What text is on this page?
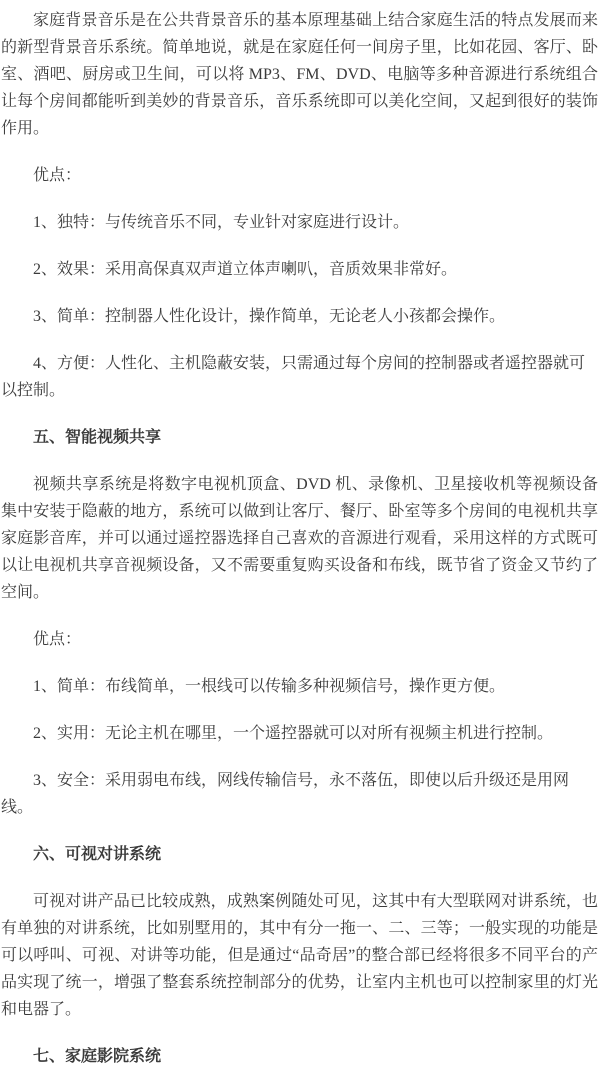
家庭背景音乐是在公共背景音乐的基本原理基础上结合家庭生活的特点发展而来的新型背景音乐系统。简单地说，就是在家庭任何一间房子里，比如花园、客厅、卧室、酒吧、厨房或卫生间，可以将 MP3、FM、DVD、电脑等多种音源进行系统组合让每个房间都能听到美妙的背景音乐，音乐系统即可以美化空间，又起到很好的装饰作用。

优点：

1、独特：与传统音乐不同，专业针对家庭进行设计。

2、效果：采用高保真双声道立体声喇叭，音质效果非常好。

3、简单：控制器人性化设计，操作简单，无论老人小孩都会操作。

4、方便：人性化、主机隐蔽安装，只需通过每个房间的控制器或者遥控器就可以控制。

五、智能视频共享

视频共享系统是将数字电视机顶盒、DVD 机、录像机、卫星接收机等视频设备集中安装于隐蔽的地方，系统可以做到让客厅、餐厅、卧室等多个房间的电视机共享家庭影音库，并可以通过遥控器选择自己喜欢的音源进行观看，采用这样的方式既可以让电视机共享音视频设备，又不需要重复购买设备和布线，既节省了资金又节约了空间。

优点：

1、简单：布线简单，一根线可以传输多种视频信号，操作更方便。

2、实用：无论主机在哪里，一个遥控器就可以对所有视频主机进行控制。

3、安全：采用弱电布线，网线传输信号，永不落伍，即使以后升级还是用网线。

六、可视对讲系统

可视对讲产品已比较成熟，成熟案例随处可见，这其中有大型联网对讲系统，也有单独的对讲系统，比如别墅用的，其中有分一拖一、二、三等；一般实现的功能是可以呼叫、可视、对讲等功能，但是通过“品奇居”的整合部已经将很多不同平台的产品实现了统一，增强了整套系统控制部分的优势，让室内主机也可以控制家里的灯光和电器了。

七、家庭影院系统
